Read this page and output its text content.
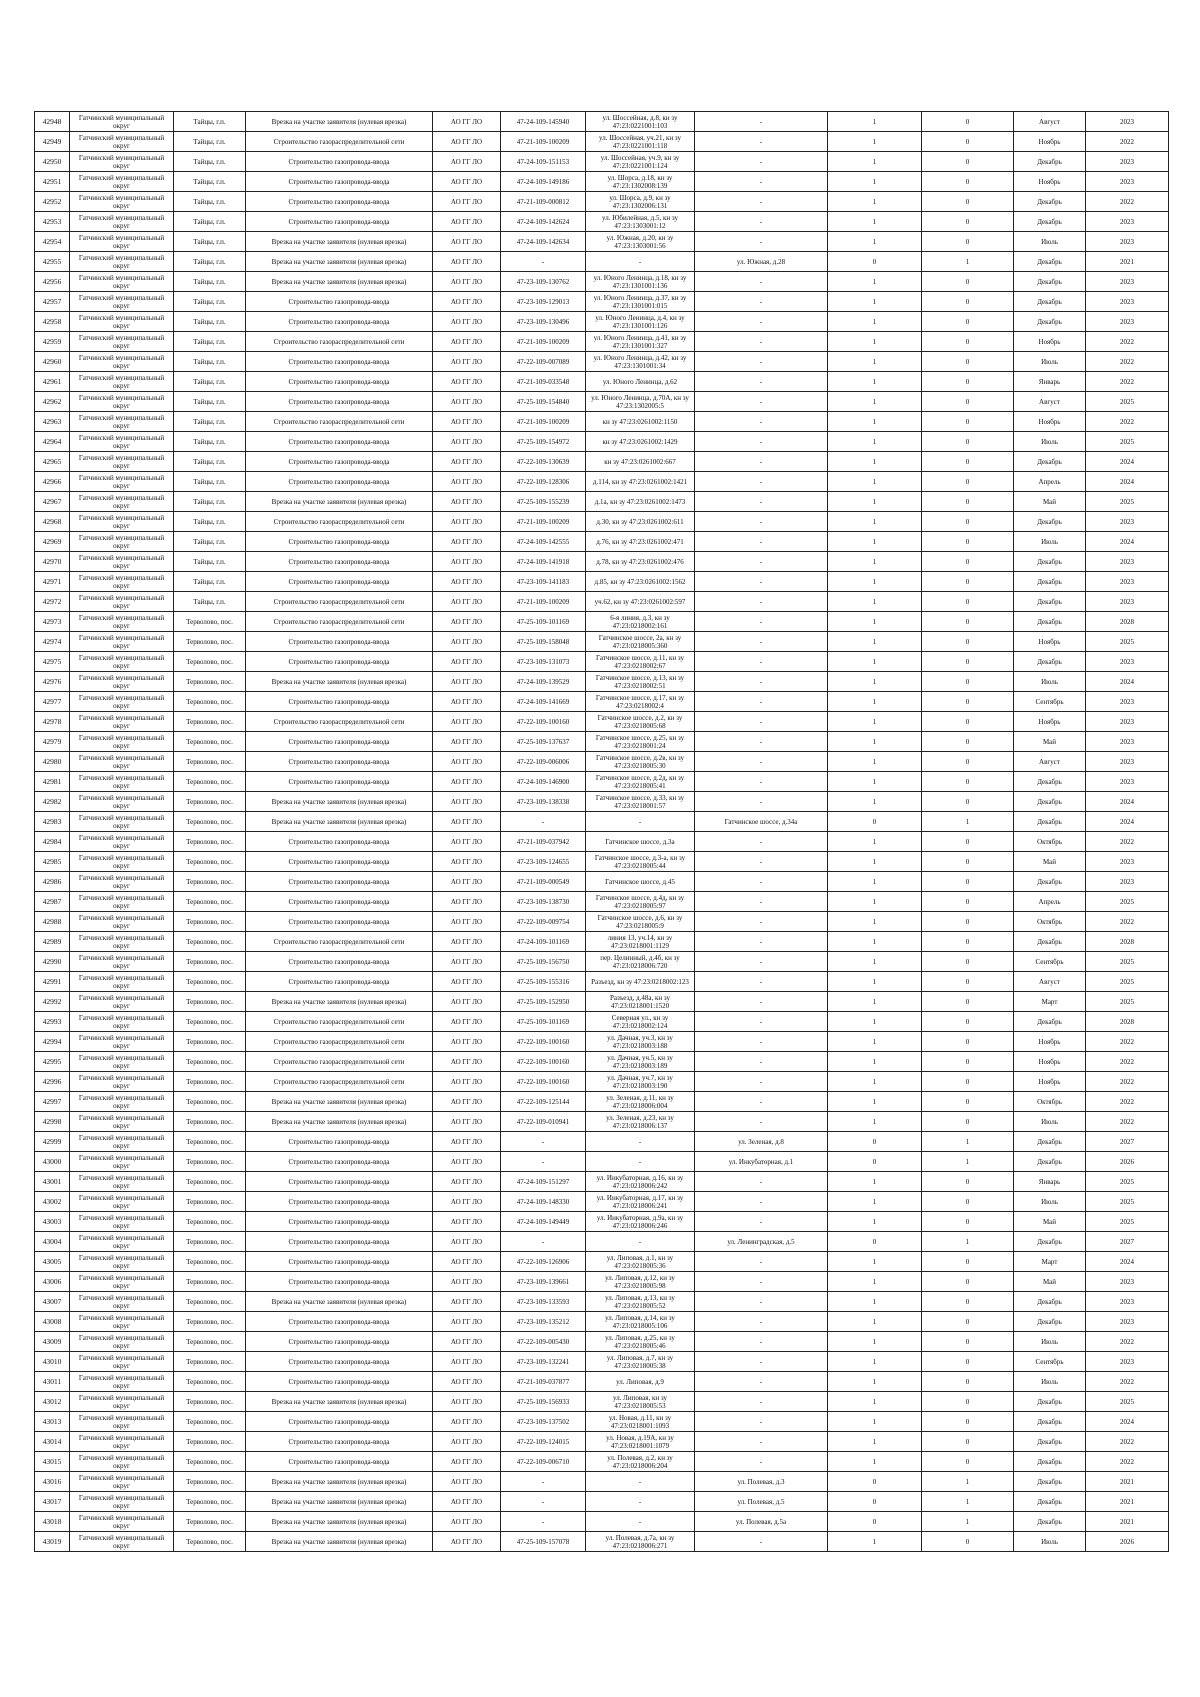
42948	Гатчинский муниципальный округ	Тайцы, г.п.	Врезка на участке заявителя (нулевая врезка)	АО ГГ ЛО	47-24-109-145940	ул. Шоссейная, д.8, кн зу 47:23:0221001:103	-	1	0	Август	2023
42949	Гатчинский муниципальный округ	Тайцы, г.п.	Строительство газораспределительной сети	АО ГГ ЛО	47-21-109-100209	ул. Шоссейная, уч.21, кн зу 47:23:0221001:118	-	1	0	Ноябрь	2022
42950	Гатчинский муниципальный округ	Тайцы, г.п.	Строительство газопровода-ввода	АО ГГ ЛО	47-24-109-151153	ул. Шоссейная, уч.9, кн зу 47:23:0221001:124	-	1	0	Декабрь	2023
42951	Гатчинский муниципальный округ	Тайцы, г.п.	Строительство газопровода-ввода	АО ГГ ЛО	47-24-109-149186	ул. Шорса, д.18, кн зу 47:23:1302008:139	-	1	0	Ноябрь	2023
42952	Гатчинский муниципальный округ	Тайцы, г.п.	Строительство газопровода-ввода	АО ГГ ЛО	47-21-109-000812	ул. Шорса, д.9, кн зу 47:23:1302006:131	-	1	0	Декабрь	2022
42953	Гатчинский муниципальный округ	Тайцы, г.п.	Строительство газопровода-ввода	АО ГГ ЛО	47-24-109-142624	ул. Юбилейная, д.5, кн зу 47:23:1303001:12	-	1	0	Декабрь	2023
42954	Гатчинский муниципальный округ	Тайцы, г.п.	Врезка на участке заявителя (нулевая врезка)	АО ГГ ЛО	47-24-109-142634	ул. Южная, д.20, кн зу 47:23:1303001:56	-	1	0	Июль	2023
42955	Гатчинский муниципальный округ	Тайцы, г.п.	Врезка на участке заявителя (нулевая врезка)	АО ГГ ЛО	-	-	ул. Южная, д.28	0	1	Декабрь	2021
42956	Гатчинский муниципальный округ	Тайцы, г.п.	Врезка на участке заявителя (нулевая врезка)	АО ГГ ЛО	47-23-109-130762	ул. Юного Ленинца, д.18, кн зу 47:23:1301001:136	-	1	0	Декабрь	2023
42957	Гатчинский муниципальный округ	Тайцы, г.п.	Строительство газопровода-ввода	АО ГГ ЛО	47-23-109-129013	ул. Юного Ленинца, д.37, кн зу 47:23:1301001:015	-	1	0	Декабрь	2023
42958	Гатчинский муниципальный округ	Тайцы, г.п.	Строительство газопровода-ввода	АО ГГ ЛО	47-23-109-130496	ул. Юного Ленинца, д.4, кн зу 47:23:1301001:126	-	1	0	Декабрь	2023
42959	Гатчинский муниципальный округ	Тайцы, г.п.	Строительство газораспределительной сети	АО ГГ ЛО	47-21-109-100209	ул. Юного Ленинца, д.41, кн зу 47:23:1301001:327	-	1	0	Ноябрь	2022
42960	Гатчинский муниципальный округ	Тайцы, г.п.	Строительство газопровода-ввода	АО ГГ ЛО	47-22-109-007089	ул. Юного Ленинца, д.42, кн зу 47:23:1301001:34	-	1	0	Июль	2022
42961	Гатчинский муниципальный округ	Тайцы, г.п.	Строительство газопровода-ввода	АО ГГ ЛО	47-21-109-033548	ул. Юного Ленинца, д.62	-	1	0	Январь	2022
42962	Гатчинский муниципальный округ	Тайцы, г.п.	Строительство газопровода-ввода	АО ГГ ЛО	47-25-109-154840	ул. Юного Ленинца, д.70А, кн зу 47:23:1302005:5	-	1	0	Август	2025
42963	Гатчинский муниципальный округ	Тайцы, г.п.	Строительство газораспределительной сети	АО ГГ ЛО	47-21-109-100209	кн зу 47:23:0261002:1150	-	1	0	Ноябрь	2022
42964	Гатчинский муниципальный округ	Тайцы, г.п.	Строительство газопровода-ввода	АО ГГ ЛО	47-25-109-154972	кн зу 47:23:0261002:1429	-	1	0	Июль	2025
42965	Гатчинский муниципальный округ	Тайцы, г.п.	Строительство газопровода-ввода	АО ГГ ЛО	47-22-109-130639	кн зу 47:23:0261002:667	-	1	0	Декабрь	2024
42966	Гатчинский муниципальный округ	Тайцы, г.п.	Строительство газопровода-ввода	АО ГГ ЛО	47-22-109-128306	д.114, кн зу 47:23:0261002:1421	-	1	0	Апрель	2024
42967	Гатчинский муниципальный округ	Тайцы, г.п.	Врезка на участке заявителя (нулевая врезка)	АО ГГ ЛО	47-25-109-155239	д.1а, кн зу 47:23:0261002:1473	-	1	0	Май	2025
42968	Гатчинский муниципальный округ	Тайцы, г.п.	Строительство газораспределительной сети	АО ГГ ЛО	47-21-109-100209	д.30, кн зу 47:23:0261002:611	-	1	0	Декабрь	2023
42969	Гатчинский муниципальный округ	Тайцы, г.п.	Строительство газопровода-ввода	АО ГГ ЛО	47-24-109-142555	д.76, кн зу 47:23:0261002:471	-	1	0	Июль	2024
42970	Гатчинский муниципальный округ	Тайцы, г.п.	Строительство газопровода-ввода	АО ГГ ЛО	47-24-109-141918	д.78, кн зу 47:23:0261002:476	-	1	0	Декабрь	2023
42971	Гатчинский муниципальный округ	Тайцы, г.п.	Строительство газопровода-ввода	АО ГГ ЛО	47-23-109-141183	д.85, кн зу 47:23:0261002:1562	-	1	0	Декабрь	2023
42972	Гатчинский муниципальный округ	Тайцы, г.п.	Строительство газораспределительной сети	АО ГГ ЛО	47-21-109-100209	уч.62, кн зу 47:23:0261002:597	-	1	0	Декабрь	2023
42973	Гатчинский муниципальный округ	Терволово, пос.	Строительство газораспределительной сети	АО ГГ ЛО	47-25-109-101169	6-я линия, д.3, кн зу 47:23:0218002:161	-	1	0	Декабрь	2028
42974	Гатчинский муниципальный округ	Терволово, пос.	Строительство газопровода-ввода	АО ГГ ЛО	47-25-109-158048	Гатчинское шоссе, 2а, кн зу 47:23:0218005:360	-	1	0	Ноябрь	2025
42975	Гатчинский муниципальный округ	Терволово, пос.	Строительство газопровода-ввода	АО ГГ ЛО	47-23-109-131073	Гатчинское шоссе, д.11, кн зу 47:23:0218002:67	-	1	0	Декабрь	2023
42976	Гатчинский муниципальный округ	Терволово, пос.	Врезка на участке заявителя (нулевая врезка)	АО ГГ ЛО	47-24-109-139529	Гатчинское шоссе, д.13, кн зу 47:23:0218002:51	-	1	0	Июль	2024
42977	Гатчинский муниципальный округ	Терволово, пос.	Строительство газопровода-ввода	АО ГГ ЛО	47-24-109-141669	Гатчинское шоссе, д.17, кн зу 47:23:0218002:4	-	1	0	Сентябрь	2023
42978	Гатчинский муниципальный округ	Терволово, пос.	Строительство газораспределительной сети	АО ГГ ЛО	47-22-109-100160	Гатчинское шоссе, д.2, кн зу 47:23:0218005:68	-	1	0	Ноябрь	2023
42979	Гатчинский муниципальный округ	Терволово, пос.	Строительство газопровода-ввода	АО ГГ ЛО	47-25-109-137637	Гатчинское шоссе, д.25, кн зу 47:23:0218001:24	-	1	0	Май	2023
42980	Гатчинский муниципальный округ	Терволово, пос.	Строительство газопровода-ввода	АО ГГ ЛО	47-22-109-006006	Гатчинское шоссе, д.2в, кн зу 47:23:0218005:30	-	1	0	Август	2023
42981	Гатчинский муниципальный округ	Терволово, пос.	Строительство газопровода-ввода	АО ГГ ЛО	47-24-109-146900	Гатчинское шоссе, д.2д, кн зу 47:23:0218005:41	-	1	0	Декабрь	2023
42982	Гатчинский муниципальный округ	Терволово, пос.	Врезка на участке заявителя (нулевая врезка)	АО ГГ ЛО	47-23-109-138338	Гатчинское шоссе, д.33, кн зу 47:23:0218001:57	-	1	0	Декабрь	2024
42983	Гатчинский муниципальный округ	Терволово, пос.	Врезка на участке заявителя (нулевая врезка)	АО ГГ ЛО	-	-	Гатчинское шоссе, д.34а	0	1	Декабрь	2024
42984	Гатчинский муниципальный округ	Терволово, пос.	Строительство газопровода-ввода	АО ГГ ЛО	47-21-109-037942	Гатчинское шоссе, д.3а	-	1	0	Октябрь	2022
42985	Гатчинский муниципальный округ	Терволово, пос.	Строительство газопровода-ввода	АО ГГ ЛО	47-23-109-124655	Гатчинское шоссе, д.3-а, кн зу 47:23:0218005:44	-	1	0	Май	2023
42986	Гатчинский муниципальный округ	Терволово, пос.	Строительство газопровода-ввода	АО ГГ ЛО	47-21-109-000549	Гатчинское шоссе, д.45	-	1	0	Декабрь	2023
42987	Гатчинский муниципальный округ	Терволово, пос.	Строительство газопровода-ввода	АО ГГ ЛО	47-23-109-138730	Гатчинское шоссе, д.4д, кн зу 47:23:0218005:97	-	1	0	Апрель	2025
42988	Гатчинский муниципальный округ	Терволово, пос.	Строительство газопровода-ввода	АО ГГ ЛО	47-22-109-009754	Гатчинское шоссе, д.6, кн зу 47:23:0218005:9	-	1	0	Октябрь	2022
42989	Гатчинский муниципальный округ	Терволово, пос.	Строительство газораспределительной сети	АО ГГ ЛО	47-24-109-101169	линия 13, уч.14, кн зу 47:23:0218001:1129	-	1	0	Декабрь	2028
42990	Гатчинский муниципальный округ	Терволово, пос.	Строительство газопровода-ввода	АО ГГ ЛО	47-25-109-156750	пер. Целинный, д.4б, кн зу 47:23:0218006:720	-	1	0	Сентябрь	2025
42991	Гатчинский муниципальный округ	Терволово, пос.	Строительство газопровода-ввода	АО ГГ ЛО	47-25-109-155316	Разъезд, кн зу 47:23:0218002:123	-	1	0	Август	2025
42992	Гатчинский муниципальный округ	Терволово, пос.	Врезка на участке заявителя (нулевая врезка)	АО ГГ ЛО	47-25-109-152950	Разъезд, д.48а, кн зу 47:23:0218001:1520	-	1	0	Март	2025
42993	Гатчинский муниципальный округ	Терволово, пос.	Строительство газораспределительной сети	АО ГГ ЛО	47-25-109-101169	Северная ул., кн зу 47:23:0218002:124	-	1	0	Декабрь	2028
42994	Гатчинский муниципальный округ	Терволово, пос.	Строительство газораспределительной сети	АО ГГ ЛО	47-22-109-100160	ул. Дачная, уч.3, кн зу 47:23:0218003:188	-	1	0	Ноябрь	2022
42995	Гатчинский муниципальный округ	Терволово, пос.	Строительство газораспределительной сети	АО ГГ ЛО	47-22-109-100160	ул. Дачная, уч.5, кн зу 47:23:0218003:189	-	1	0	Ноябрь	2022
42996	Гатчинский муниципальный округ	Терволово, пос.	Строительство газораспределительной сети	АО ГГ ЛО	47-22-109-100160	ул. Дачная, уч.7, кн зу 47:23:0218003:190	-	1	0	Ноябрь	2022
42997	Гатчинский муниципальный округ	Терволово, пос.	Врезка на участке заявителя (нулевая врезка)	АО ГГ ЛО	47-22-109-125144	ул. Зеленая, д.11, кн зу 47:23:0218006:004	-	1	0	Октябрь	2022
42998	Гатчинский муниципальный округ	Терволово, пос.	Врезка на участке заявителя (нулевая врезка)	АО ГГ ЛО	47-22-109-010941	ул. Зеленая, д.23, кн зу 47:23:0218006:137	-	1	0	Июль	2022
42999	Гатчинский муниципальный округ	Терволово, пос.	Строительство газопровода-ввода	АО ГГ ЛО	-	-	ул. Зеленая, д.8	0	1	Декабрь	2027
43000	Гатчинский муниципальный округ	Терволово, пос.	Строительство газопровода-ввода	АО ГГ ЛО	-	-	ул. Инкубаторная, д.1	0	1	Декабрь	2026
43001	Гатчинский муниципальный округ	Терволово, пос.	Строительство газопровода-ввода	АО ГГ ЛО	47-24-109-151297	ул. Инкубаторная, д.16, кн зу 47:23:0218006:242	-	1	0	Январь	2025
43002	Гатчинский муниципальный округ	Терволово, пос.	Строительство газопровода-ввода	АО ГГ ЛО	47-24-109-148330	ул. Инкубаторная, д.17, кн зу 47:23:0218006:241	-	1	0	Июль	2025
43003	Гатчинский муниципальный округ	Терволово, пос.	Строительство газопровода-ввода	АО ГГ ЛО	47-24-109-149449	ул. Инкубаторная, д.9а, кн зу 47:23:0218006:246	-	1	0	Май	2025
43004	Гатчинский муниципальный округ	Терволово, пос.	Строительство газопровода-ввода	АО ГГ ЛО	-	-	ул. Ленинградская, д.5	0	1	Декабрь	2027
43005	Гатчинский муниципальный округ	Терволово, пос.	Строительство газопровода-ввода	АО ГГ ЛО	47-22-109-126906	ул. Липовая, д.1, кн зу 47:23:0218005:36	-	1	0	Март	2024
43006	Гатчинский муниципальный округ	Терволово, пос.	Строительство газопровода-ввода	АО ГГ ЛО	47-23-109-139661	ул. Липовая, д.12, кн зу 47:23:0218005:98	-	1	0	Май	2023
43007	Гатчинский муниципальный округ	Терволово, пос.	Врезка на участке заявителя (нулевая врезка)	АО ГГ ЛО	47-23-109-133593	ул. Липовая, д.13, кн зу 47:23:0218005:52	-	1	0	Декабрь	2023
43008	Гатчинский муниципальный округ	Терволово, пос.	Строительство газопровода-ввода	АО ГГ ЛО	47-23-109-135212	ул. Липовая, д.14, кн зу 47:23:0218005:106	-	1	0	Декабрь	2023
43009	Гатчинский муниципальный округ	Терволово, пос.	Строительство газопровода-ввода	АО ГГ ЛО	47-22-109-005430	ул. Липовая, д.25, кн зу 47:23:0218005:46	-	1	0	Июль	2022
43010	Гатчинский муниципальный округ	Терволово, пос.	Строительство газопровода-ввода	АО ГГ ЛО	47-23-109-132241	ул. Липовая, д.7, кн зу 47:23:0218005:38	-	1	0	Сентябрь	2023
43011	Гатчинский муниципальный округ	Терволово, пос.	Строительство газопровода-ввода	АО ГГ ЛО	47-21-109-037877	ул. Липовая, д.9	-	1	0	Июль	2022
43012	Гатчинский муниципальный округ	Терволово, пос.	Врезка на участке заявителя (нулевая врезка)	АО ГГ ЛО	47-25-109-156933	ул. Липовая, кн зу 47:23:0218005:53	-	1	0	Декабрь	2025
43013	Гатчинский муниципальный округ	Терволово, пос.	Строительство газопровода-ввода	АО ГГ ЛО	47-23-109-137502	ул. Новая, д.11, кн зу 47:23:0218001:1093	-	1	0	Декабрь	2024
43014	Гатчинский муниципальный округ	Терволово, пос.	Строительство газопровода-ввода	АО ГГ ЛО	47-22-109-124015	ул. Новая, д.19А, кн зу 47:23:0218001:1079	-	1	0	Декабрь	2022
43015	Гатчинский муниципальный округ	Терволово, пос.	Строительство газопровода-ввода	АО ГГ ЛО	47-22-109-006710	ул. Полевая, д.2, кн зу 47:23:0218006:204	-	1	0	Декабрь	2022
43016	Гатчинский муниципальный округ	Терволово, пос.	Врезка на участке заявителя (нулевая врезка)	АО ГГ ЛО	-	-	ул. Полевая, д.3	0	1	Декабрь	2021
43017	Гатчинский муниципальный округ	Терволово, пос.	Врезка на участке заявителя (нулевая врезка)	АО ГГ ЛО	-	-	ул. Полевая, д.5	0	1	Декабрь	2021
43018	Гатчинский муниципальный округ	Терволово, пос.	Врезка на участке заявителя (нулевая врезка)	АО ГГ ЛО	-	-	ул. Полевая, д.5а	0	1	Декабрь	2021
43019	Гатчинский муниципальный округ	Терволово, пос.	Врезка на участке заявителя (нулевая врезка)	АО ГГ ЛО	47-25-109-157078	ул. Полевая, д.7а, кн зу 47:23:0218006:271	-	1	0	Июль	2026
